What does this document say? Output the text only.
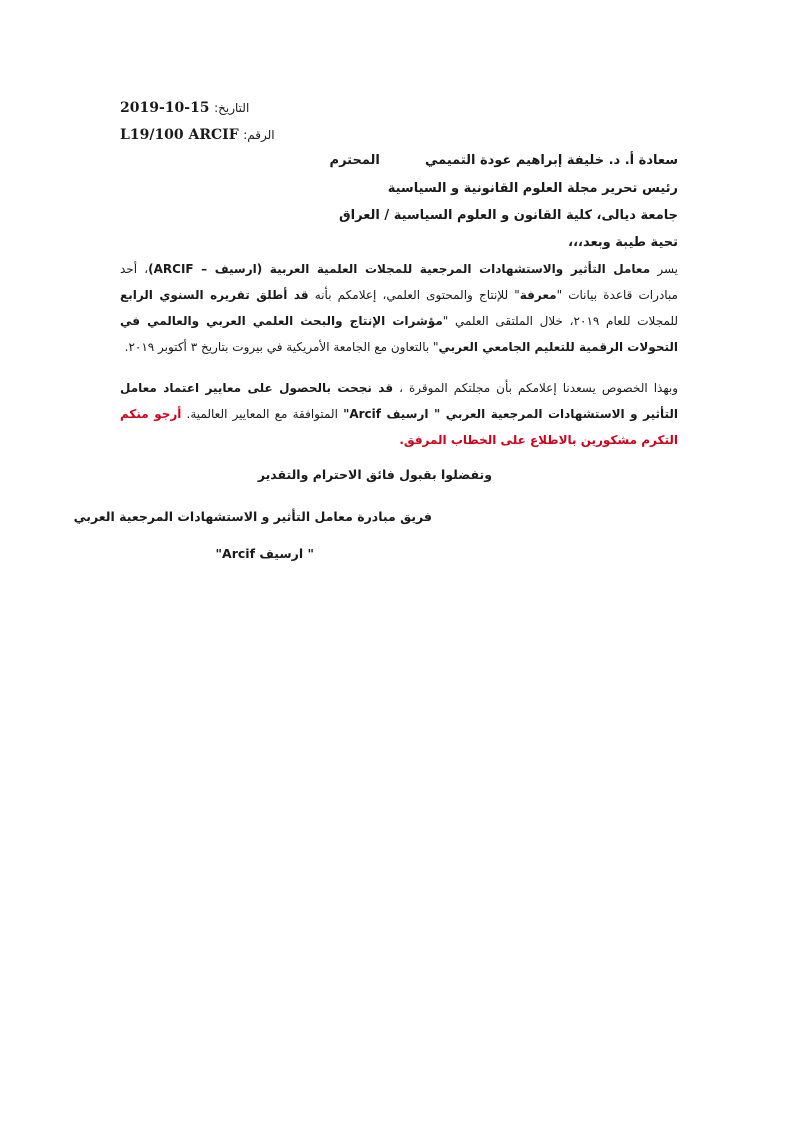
التاريخ: 2019-10-15
الرقم: L19/100 ARCIF
سعادة أ. د. خليفة إبراهيم عودة التميمي  المحترم
رئيس تحرير مجلة العلوم القانونية و السياسية
جامعة ديالى، كلية القانون و العلوم السياسية / العراق
تحية طيبة وبعد،،،
يسر معامل التأثير والاستشهادات المرجعية للمجلات العلمية العربية (ارسيف – ARCIF)، أحد مبادرات قاعدة بيانات "معرفة" للإنتاج والمحتوى العلمي، إعلامكم بأنه قد أطلق تقريره السنوي الرابع للمجلات للعام ٢٠١٩، خلال الملتقى العلمي "مؤشرات الإنتاج والبحث العلمي العربي والعالمي في التحولات الرقمية للتعليم الجامعي العربي" بالتعاون مع الجامعة الأمريكية في بيروت بتاريخ ٣ أكتوبر ٢٠١٩.
وبهذا الخصوص يسعدنا إعلامكم بأن مجلتكم الموقرة ، قد نجحت بالحصول على معايير اعتماد معامل التأثير و الاستشهادات المرجعية العربي " ارسيف Arcif" المتوافقة مع المعايير العالمية. أرجو منكم التكرم مشكورين بالاطلاع على الخطاب المرفق.
وتفضلوا بقبول فائق الاحترام والتقدير
فريق مبادرة معامل التأثير و الاستشهادات المرجعية العربي
" ارسيف Arcif"
